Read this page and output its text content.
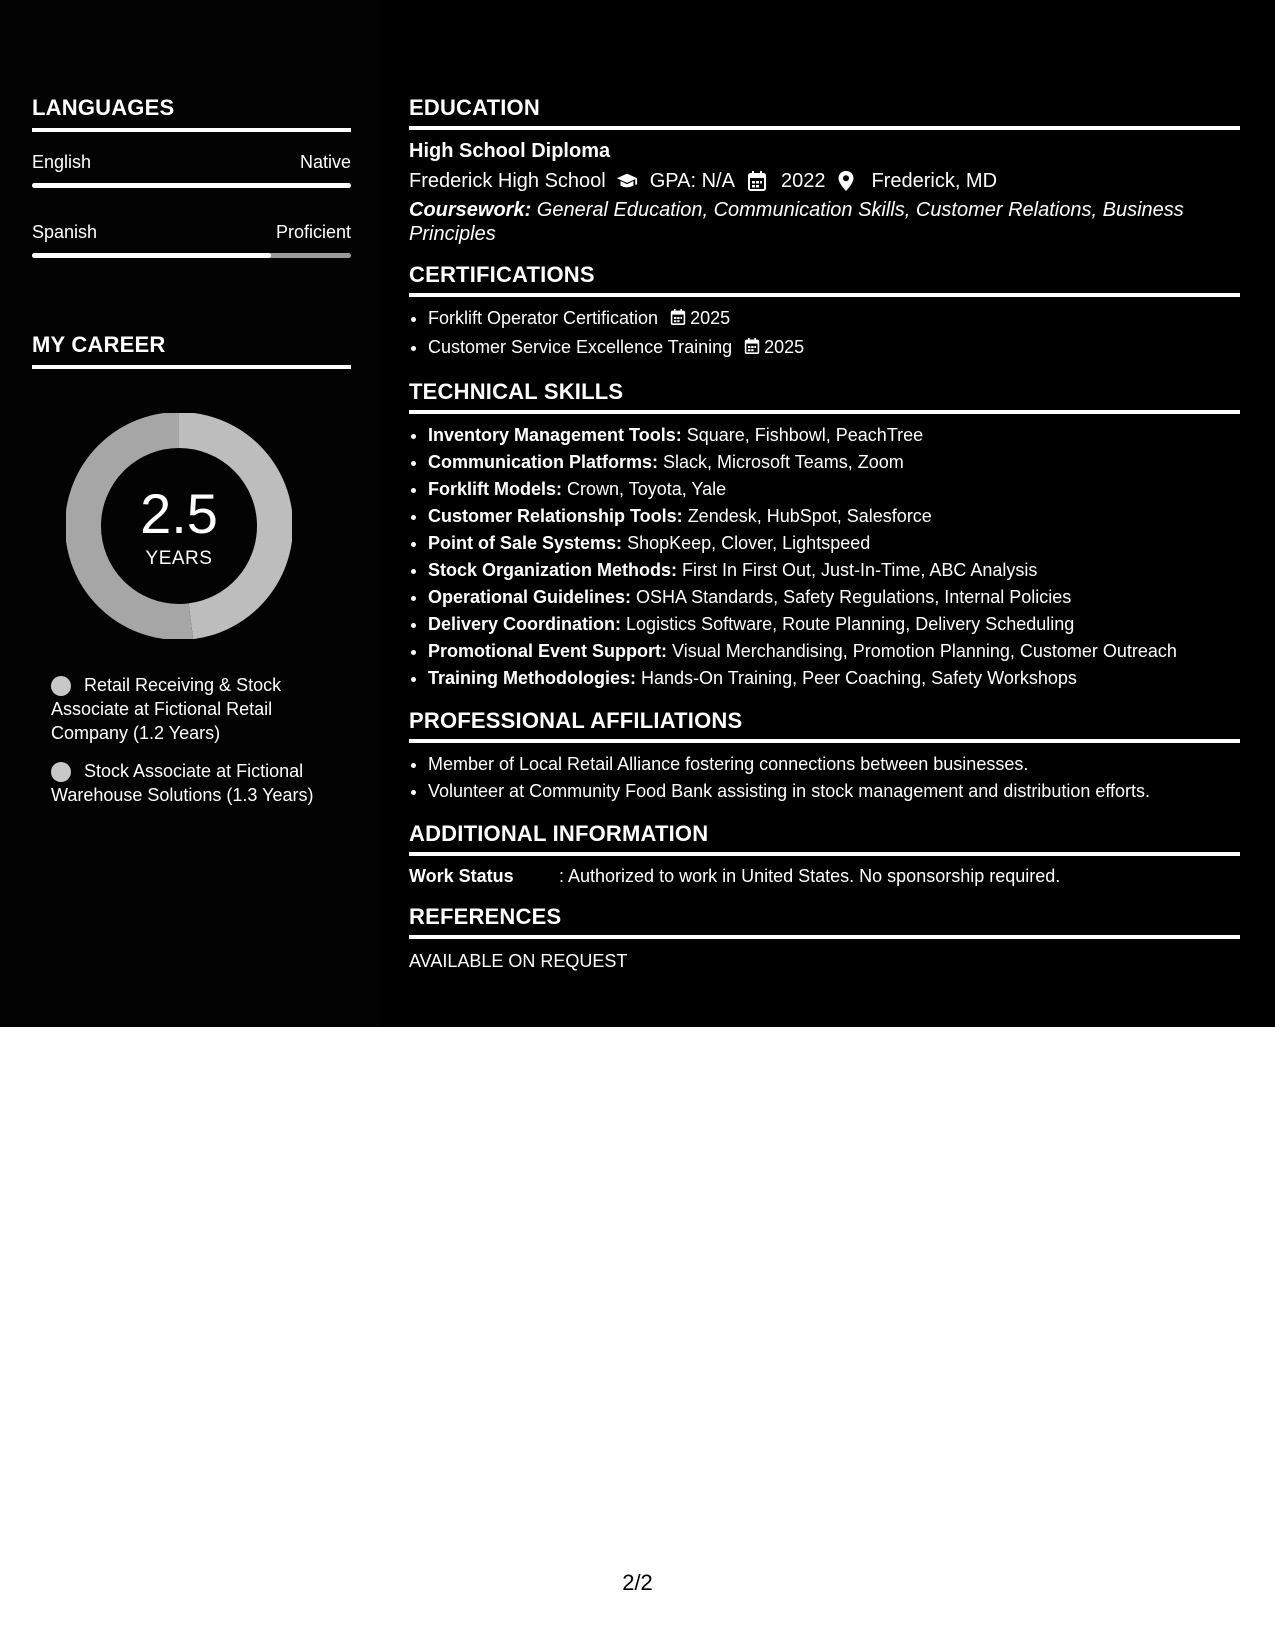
LANGUAGES
English	Native
Spanish	Proficient
MY CAREER
2.5
YEARS
Retail Receiving & Stock Associate at Fictional Retail Company (1.2 Years)
Stock Associate at Fictional Warehouse Solutions (1.3 Years)
EDUCATION
High School Diploma
Frederick High School GPA: N/A 2022 Frederick, MD
Coursework: General Education, Communication Skills, Customer Relations, Business Principles
CERTIFICATIONS
• Forklift Operator Certification 2025
• Customer Service Excellence Training 2025
TECHNICAL SKILLS
• Inventory Management Tools: Square, Fishbowl, PeachTree
• Communication Platforms: Slack, Microsoft Teams, Zoom
• Forklift Models: Crown, Toyota, Yale
• Customer Relationship Tools: Zendesk, HubSpot, Salesforce
• Point of Sale Systems: ShopKeep, Clover, Lightspeed
• Stock Organization Methods: First In First Out, Just-In-Time, ABC Analysis
• Operational Guidelines: OSHA Standards, Safety Regulations, Internal Policies
• Delivery Coordination: Logistics Software, Route Planning, Delivery Scheduling
• Promotional Event Support: Visual Merchandising, Promotion Planning, Customer Outreach
• Training Methodologies: Hands-On Training, Peer Coaching, Safety Workshops
PROFESSIONAL AFFILIATIONS
• Member of Local Retail Alliance fostering connections between businesses.
• Volunteer at Community Food Bank assisting in stock management and distribution efforts.
ADDITIONAL INFORMATION
Work Status	: Authorized to work in United States. No sponsorship required.
REFERENCES
AVAILABLE ON REQUEST
2/2
